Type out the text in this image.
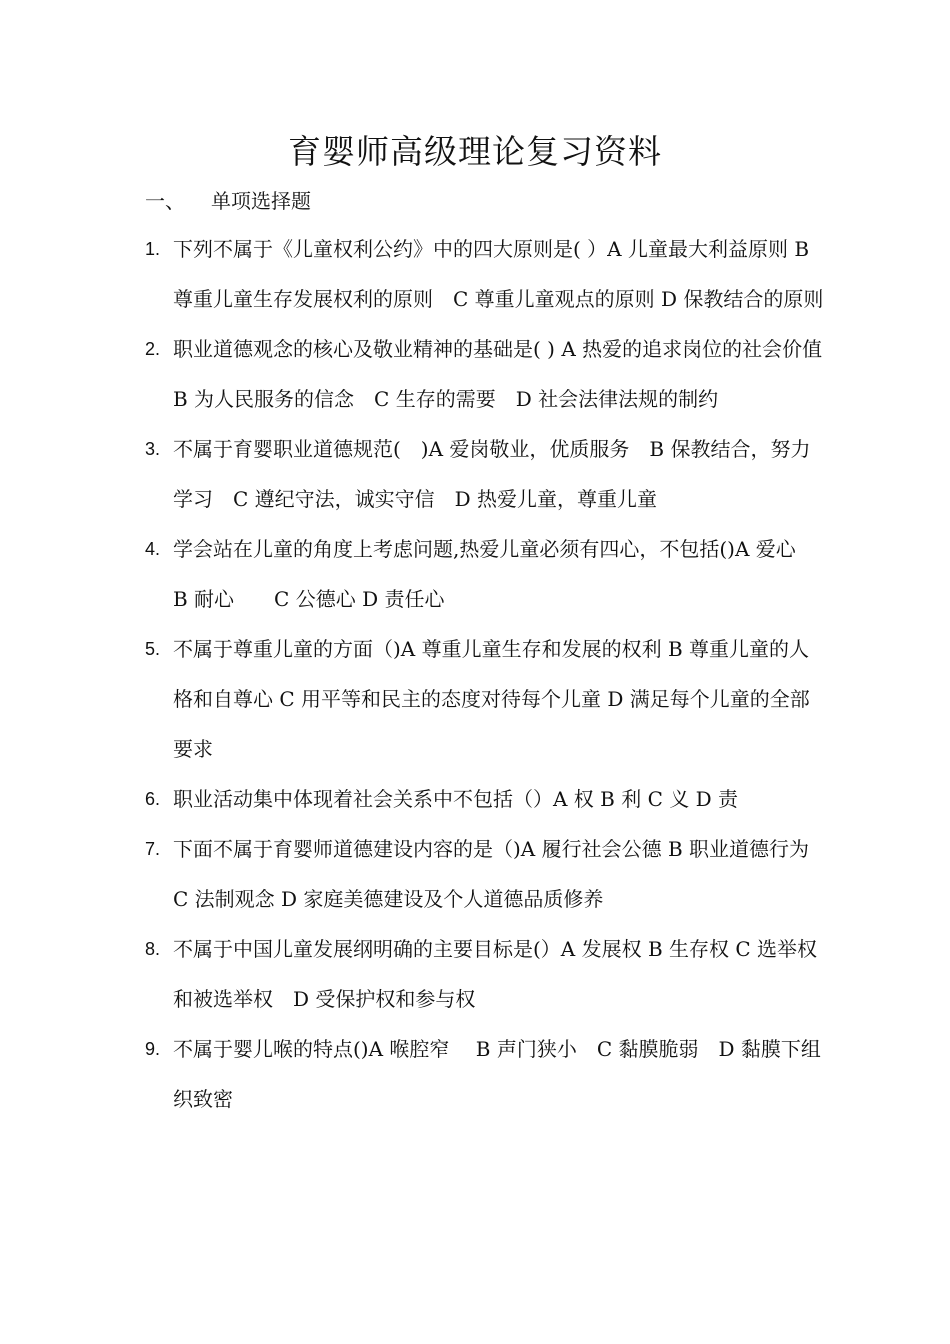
育婴师高级理论复习资料
一、 单项选择题
1. 下列不属于《儿童权利公约》中的四大原则是( ）A 儿童最大利益原则 B 尊重儿童生存发展权利的原则　C 尊重儿童观点的原则 D 保教结合的原则
2. 职业道德观念的核心及敬业精神的基础是( ) A 热爱的追求岗位的社会价值　B 为人民服务的信念　C 生存的需要　D 社会法律法规的制约
3. 不属于育婴职业道德规范(　)A 爱岗敬业，优质服务　B 保教结合，努力学习　C 遵纪守法，诚实守信　D 热爱儿童，尊重儿童
4. 学会站在儿童的角度上考虑问题,热爱儿童必须有四心，不包括()A 爱心　B 耐心　　C 公德心 D 责任心
5. 不属于尊重儿童的方面（)A 尊重儿童生存和发展的权利 B 尊重儿童的人格和自尊心 C 用平等和民主的态度对待每个儿童 D 满足每个儿童的全部要求
6. 职业活动集中体现着社会关系中不包括（）A 权 B 利 C 义 D 责
7. 下面不属于育婴师道德建设内容的是（)A 履行社会公德 B 职业道德行为 C 法制观念 D 家庭美德建设及个人道德品质修养
8. 不属于中国儿童发展纲明确的主要目标是(）A 发展权 B 生存权 C 选举权和被选举权　D 受保护权和参与权
9. 不属于婴儿喉的特点()A 喉腔窄　 B 声门狭小　C 黏膜脆弱　D 黏膜下组织致密
